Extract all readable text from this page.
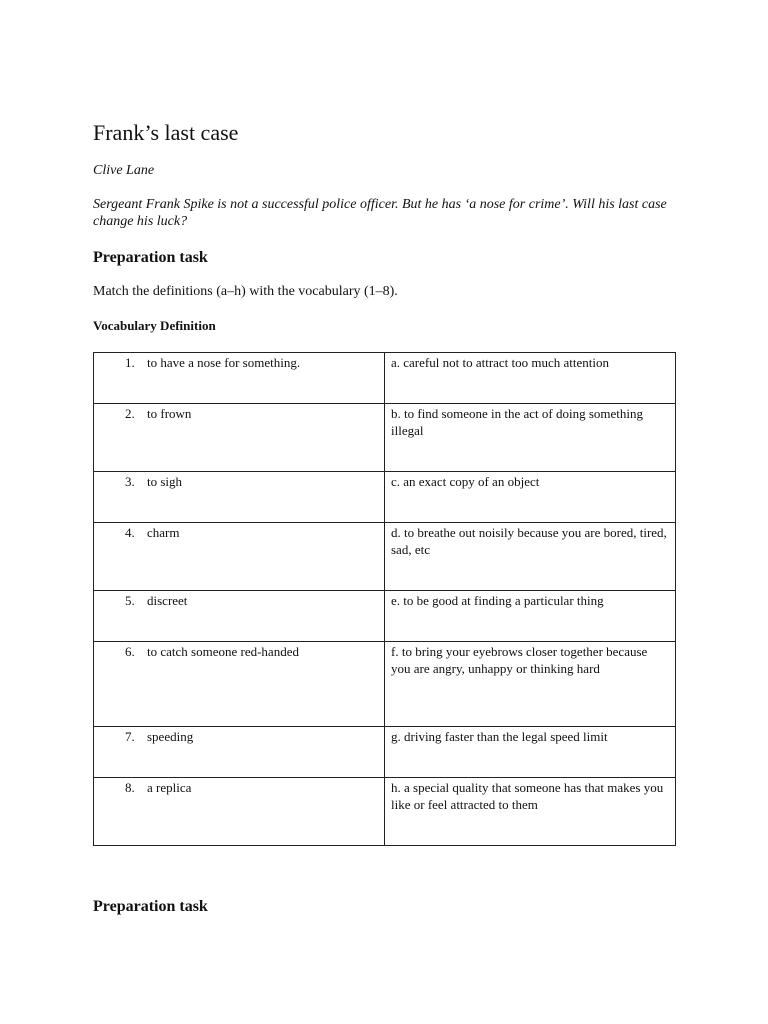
Frank’s last case

Clive Lane

Sergeant Frank Spike is not a successful police officer. But he has ‘a nose for crime’. Will his last case change his luck?

Preparation task

Match the definitions (a–h) with the vocabulary (1–8).

Vocabulary Definition

1. to have a nose for something.	a. careful not to attract too much attention

2. to frown	b. to find someone in the act of doing something illegal

3. to sigh	c. an exact copy of an object

4. charm	d. to breathe out noisily because you are bored, tired, sad, etc

5. discreet	e. to be good at finding a particular thing

6. to catch someone red-handed	f. to bring your eyebrows closer together because you are angry, unhappy or thinking hard

7. speeding	g. driving faster than the legal speed limit

8. a replica	h. a special quality that someone has that makes you like or feel attracted to them
Preparation task
